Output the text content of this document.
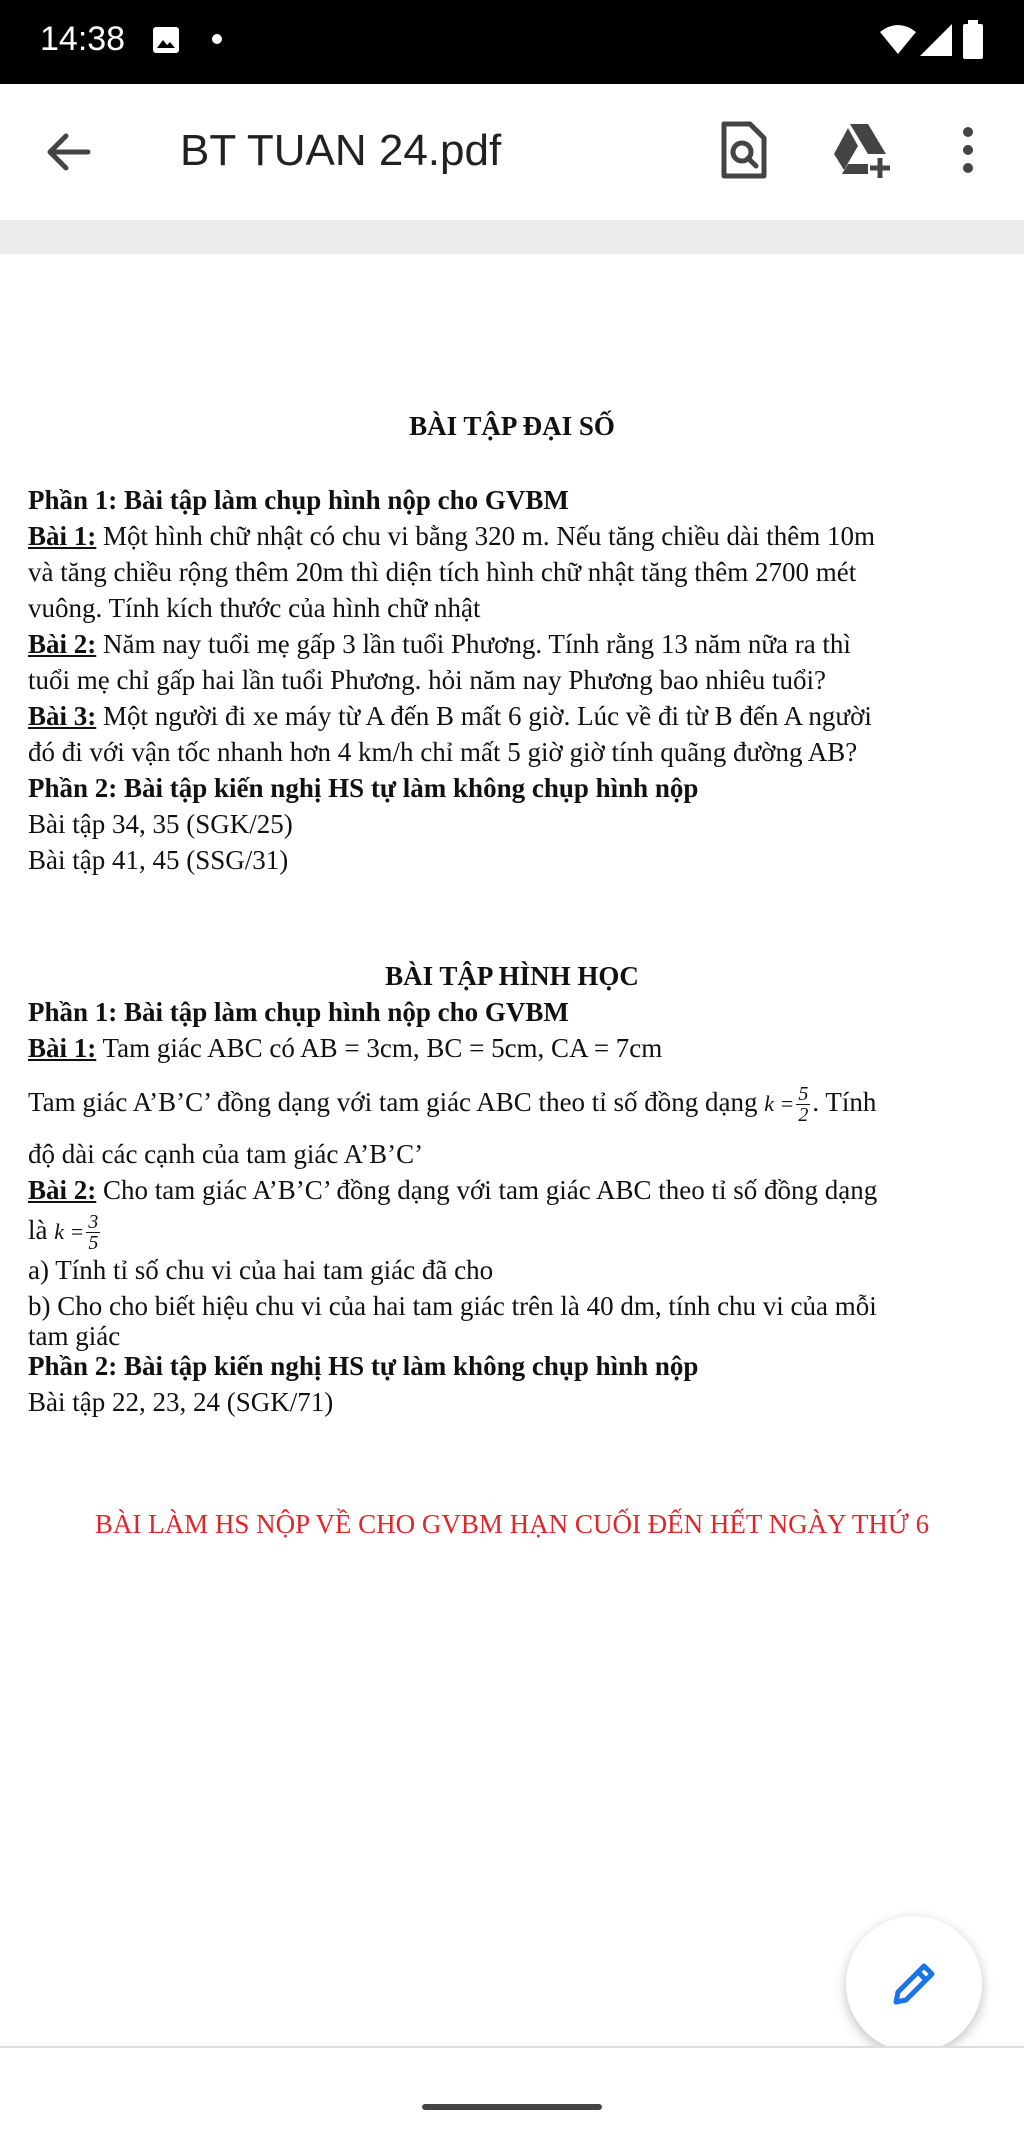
14:38
BT TUAN 24.pdf
BÀI TẬP ĐẠI SỐ
Phần 1: Bài tập làm chụp hình nộp cho GVBM
Bài 1: Một hình chữ nhật có chu vi bằng 320 m. Nếu tăng chiều dài thêm 10m
và tăng chiều rộng thêm 20m thì diện tích hình chữ nhật tăng thêm 2700 mét
vuông. Tính kích thước của hình chữ nhật
Bài 2: Năm nay tuổi mẹ gấp 3 lần tuổi Phương. Tính rằng 13 năm nữa ra thì
tuổi mẹ chỉ gấp hai lần tuổi Phương. hỏi năm nay Phương bao nhiêu tuổi?
Bài 3: Một người đi xe máy từ A đến B mất 6 giờ. Lúc về đi từ B đến A người
đó đi với vận tốc nhanh hơn 4 km/h chỉ mất 5 giờ giờ tính quãng đường AB?
Phần 2: Bài tập kiến nghị HS tự làm không chụp hình nộp
Bài tập 34, 35 (SGK/25)
Bài tập 41, 45 (SSG/31)
BÀI TẬP HÌNH HỌC
Phần 1: Bài tập làm chụp hình nộp cho GVBM
Bài 1: Tam giác ABC có AB = 3cm, BC = 5cm, CA = 7cm
Tam giác A’B’C’ đồng dạng với tam giác ABC theo tỉ số đồng dạng $k = \frac{5}{2}$ . Tính
độ dài các cạnh của tam giác A’B’C’
Bài 2: Cho tam giác A’B’C’ đồng dạng với tam giác ABC theo tỉ số đồng dạng
là $k = \frac{3}{5}$
a) Tính tỉ số chu vi của hai tam giác đã cho
b) Cho cho biết hiệu chu vi của hai tam giác trên là 40 dm, tính chu vi của mỗi
tam giác
Phần 2: Bài tập kiến nghị HS tự làm không chụp hình nộp
Bài tập 22, 23, 24 (SGK/71)
BÀI LÀM HS NỘP VỀ CHO GVBM HẠN CUỐI ĐẾN HẾT NGÀY THỨ 6
